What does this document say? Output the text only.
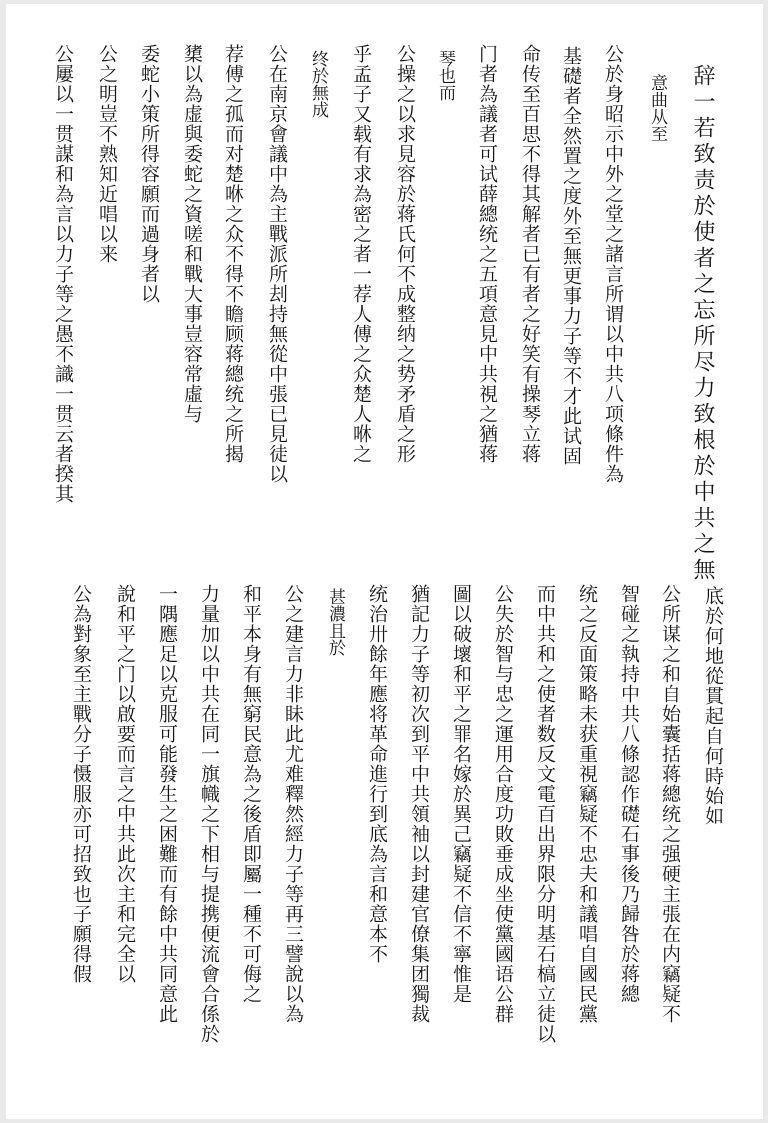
辞一若致责於使者之忘所尽力致根於中共之無
意曲从至
公於身昭示中外之堂之諸言所谓以中共八项條件為
基礎者全然置之度外至無更事力子等不才此试固
命传至百思不得其解者已有者之好笑有操琴立蒋
门者為議者可试薛總统之五項意見中共視之猶蒋
琴也而
公操之以求見容於蒋氏何不成整纳之势矛盾之形
乎孟子又载有求為密之者一荐人傅之众楚人咻之
终於無成
公在南京會議中為主戰派所刦持無從中張已見徒以
荐傅之孤而对楚咻之众不得不瞻顾蒋總统之所揭
橥以為虚與委蛇之資嗟和戰大事豈容常虛与
委蛇小策所得容願而過身者以
公之明豈不熟知近唱以来
公屢以一贯謀和為言以力子等之愚不識一贯云者揆其
底於何地從貫起自何時始如
公所谋之和自始囊括蒋總统之强硬主張在内竊疑不
智碰之執持中共八條認作礎石事後乃歸咎於蒋總
统之反面策略未获重視竊疑不忠夫和議唱自國民黨
而中共和之使者数反文電百出界限分明基石槁立徒以
公失於智与忠之運用合度功敗垂成坐使黨國语公群
圖以破壞和平之罪名嫁於異己竊疑不信不寧惟是
猶記力子等初次到平中共領袖以封建官僚集团獨裁
统治卅餘年應将革命進行到底為言和意本不
甚濃且於
公之建言力非眛此尤难釋然經力子等再三譬說以為
和平本身有無窮民意為之後盾即屬一種不可侮之
力量加以中共在同一旗幟之下相与提携便流會合係於
一隅應足以克服可能發生之困難而有餘中共同意此
說和平之门以啟要而言之中共此次主和完全以
公為對象至主戰分子慑服亦可招致也子願得假
